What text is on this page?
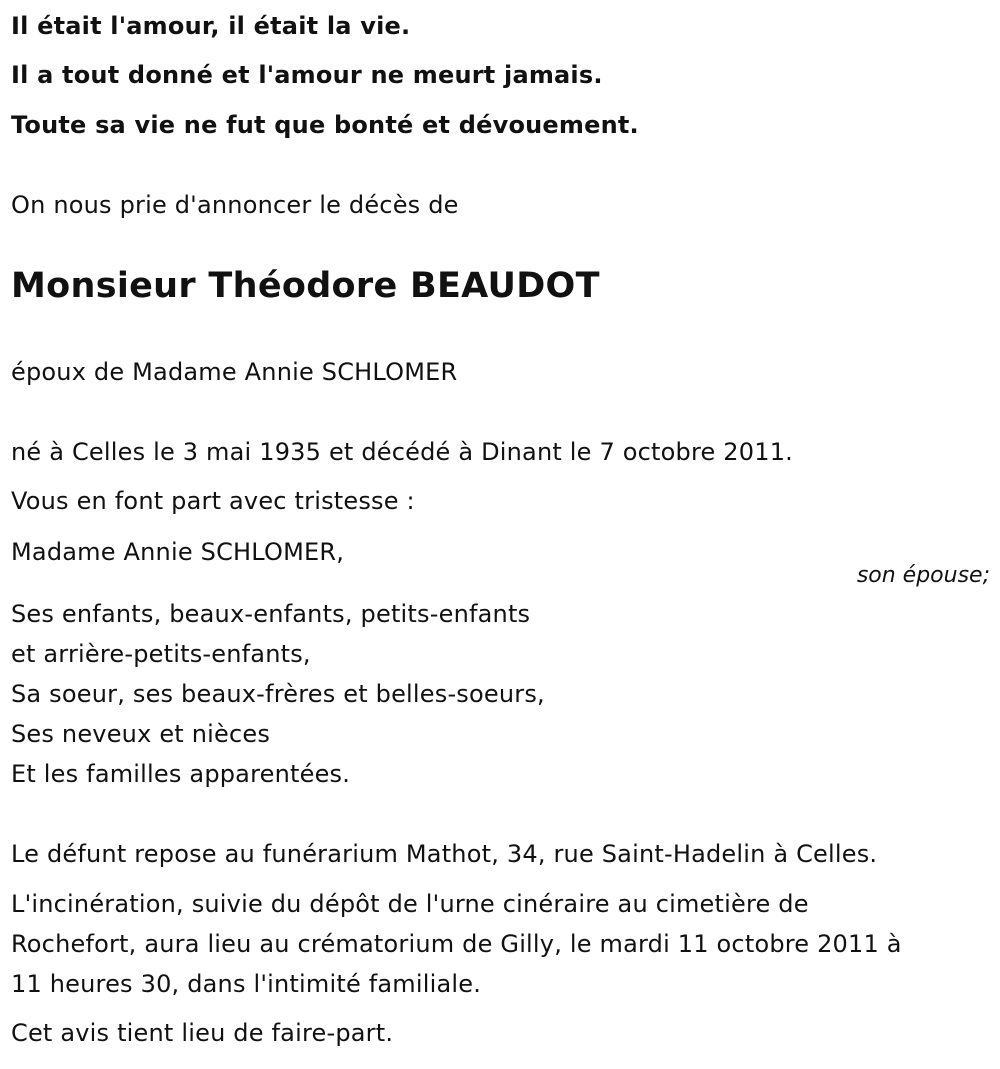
Il était l'amour, il était la vie.
Il a tout donné et l'amour ne meurt jamais.
Toute sa vie ne fut que bonté et dévouement.
On nous prie d'annoncer le décès de
Monsieur Théodore BEAUDOT
époux de Madame Annie SCHLOMER
né à Celles le 3 mai 1935 et décédé à Dinant le 7 octobre 2011.
Vous en font part avec tristesse :
Madame Annie SCHLOMER,
son épouse;
Ses enfants, beaux-enfants, petits-enfants
et arrière-petits-enfants,
Sa soeur, ses beaux-frères et belles-soeurs,
Ses neveux et nièces
Et les familles apparentées.
Le défunt repose au funérarium Mathot, 34, rue Saint-Hadelin à Celles.
L'incinération, suivie du dépôt de l'urne cinéraire au cimetière de
Rochefort, aura lieu au crématorium de Gilly, le mardi 11 octobre 2011 à
11 heures 30, dans l'intimité familiale.
Cet avis tient lieu de faire-part.
